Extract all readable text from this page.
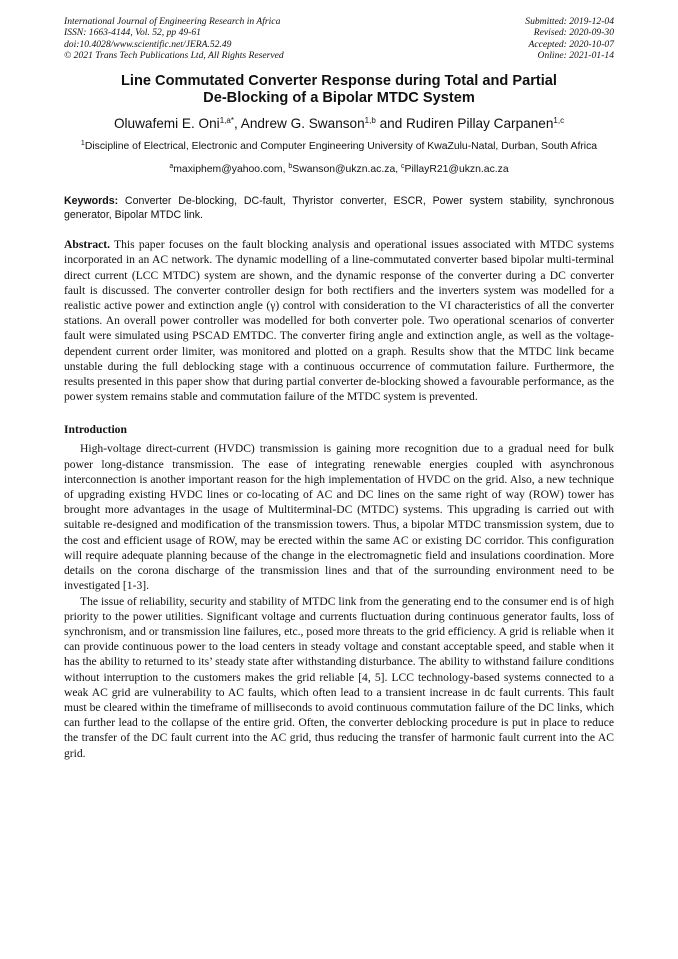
International Journal of Engineering Research in Africa
ISSN: 1663-4144, Vol. 52, pp 49-61
doi:10.4028/www.scientific.net/JERA.52.49
© 2021 Trans Tech Publications Ltd, All Rights Reserved
Submitted: 2019-12-04
Revised: 2020-09-30
Accepted: 2020-10-07
Online: 2021-01-14
Line Commutated Converter Response during Total and Partial
De-Blocking of a Bipolar MTDC System
Oluwafemi E. Oni$^{1,a*}$, Andrew G. Swanson$^{1,b}$ and Rudiren Pillay Carpanen$^{1,c}$
$^1$Discipline of Electrical, Electronic and Computer Engineering University of KwaZulu-Natal, Durban, South Africa
$^a$maxiphem@yahoo.com, $^b$Swanson@ukzn.ac.za, $^c$PillayR21@ukzn.ac.za
Keywords: Converter De-blocking, DC-fault, Thyristor converter, ESCR, Power system stability, synchronous generator, Bipolar MTDC link.
Abstract. This paper focuses on the fault blocking analysis and operational issues associated with MTDC systems incorporated in an AC network. The dynamic modelling of a line-commutated converter based bipolar multi-terminal direct current (LCC MTDC) system are shown, and the dynamic response of the converter during a DC converter fault is discussed. The converter controller design for both rectifiers and the inverters system was modelled for a realistic active power and extinction angle (γ) control with consideration to the VI characteristics of all the converter stations. An overall power controller was modelled for both converter pole. Two operational scenarios of converter fault were simulated using PSCAD EMTDC. The converter firing angle and extinction angle, as well as the voltage-dependent current order limiter, was monitored and plotted on a graph. Results show that the MTDC link became unstable during the full deblocking stage with a continuous occurrence of commutation failure. Furthermore, the results presented in this paper show that during partial converter de-blocking showed a favourable performance, as the power system remains stable and commutation failure of the MTDC system is prevented.
Introduction

High-voltage direct-current (HVDC) transmission is gaining more recognition due to a gradual need for bulk power long-distance transmission. The ease of integrating renewable energies coupled with asynchronous interconnection is another important reason for the high implementation of HVDC on the grid. Also, a new technique of upgrading existing HVDC lines or co-locating of AC and DC lines on the same right of way (ROW) tower has brought more advantages in the usage of Multiterminal-DC (MTDC) systems. This upgrading is carried out with suitable re-designed and modification of the transmission towers. Thus, a bipolar MTDC transmission system, due to the cost and efficient usage of ROW, may be erected within the same AC or existing DC corridor. This configuration will require adequate planning because of the change in the electromagnetic field and insulations coordination. More details on the corona discharge of the transmission lines and that of the surrounding environment need to be investigated [1-3].

The issue of reliability, security and stability of MTDC link from the generating end to the consumer end is of high priority to the power utilities. Significant voltage and currents fluctuation during continuous generator faults, loss of synchronism, and or transmission line failures, etc., posed more threats to the grid efficiency. A grid is reliable when it can provide continuous power to the load centers in steady voltage and constant acceptable speed, and stable when it has the ability to returned to its’ steady state after withstanding disturbance. The ability to withstand failure conditions without interruption to the customers makes the grid reliable [4, 5]. LCC technology-based systems connected to a weak AC grid are vulnerability to AC faults, which often lead to a transient increase in dc fault currents. This fault must be cleared within the timeframe of milliseconds to avoid continuous commutation failure of the DC links, which can further lead to the collapse of the entire grid. Often, the converter deblocking procedure is put in place to reduce the transfer of the DC fault current into the AC grid, thus reducing the transfer of harmonic fault current into the AC grid.
